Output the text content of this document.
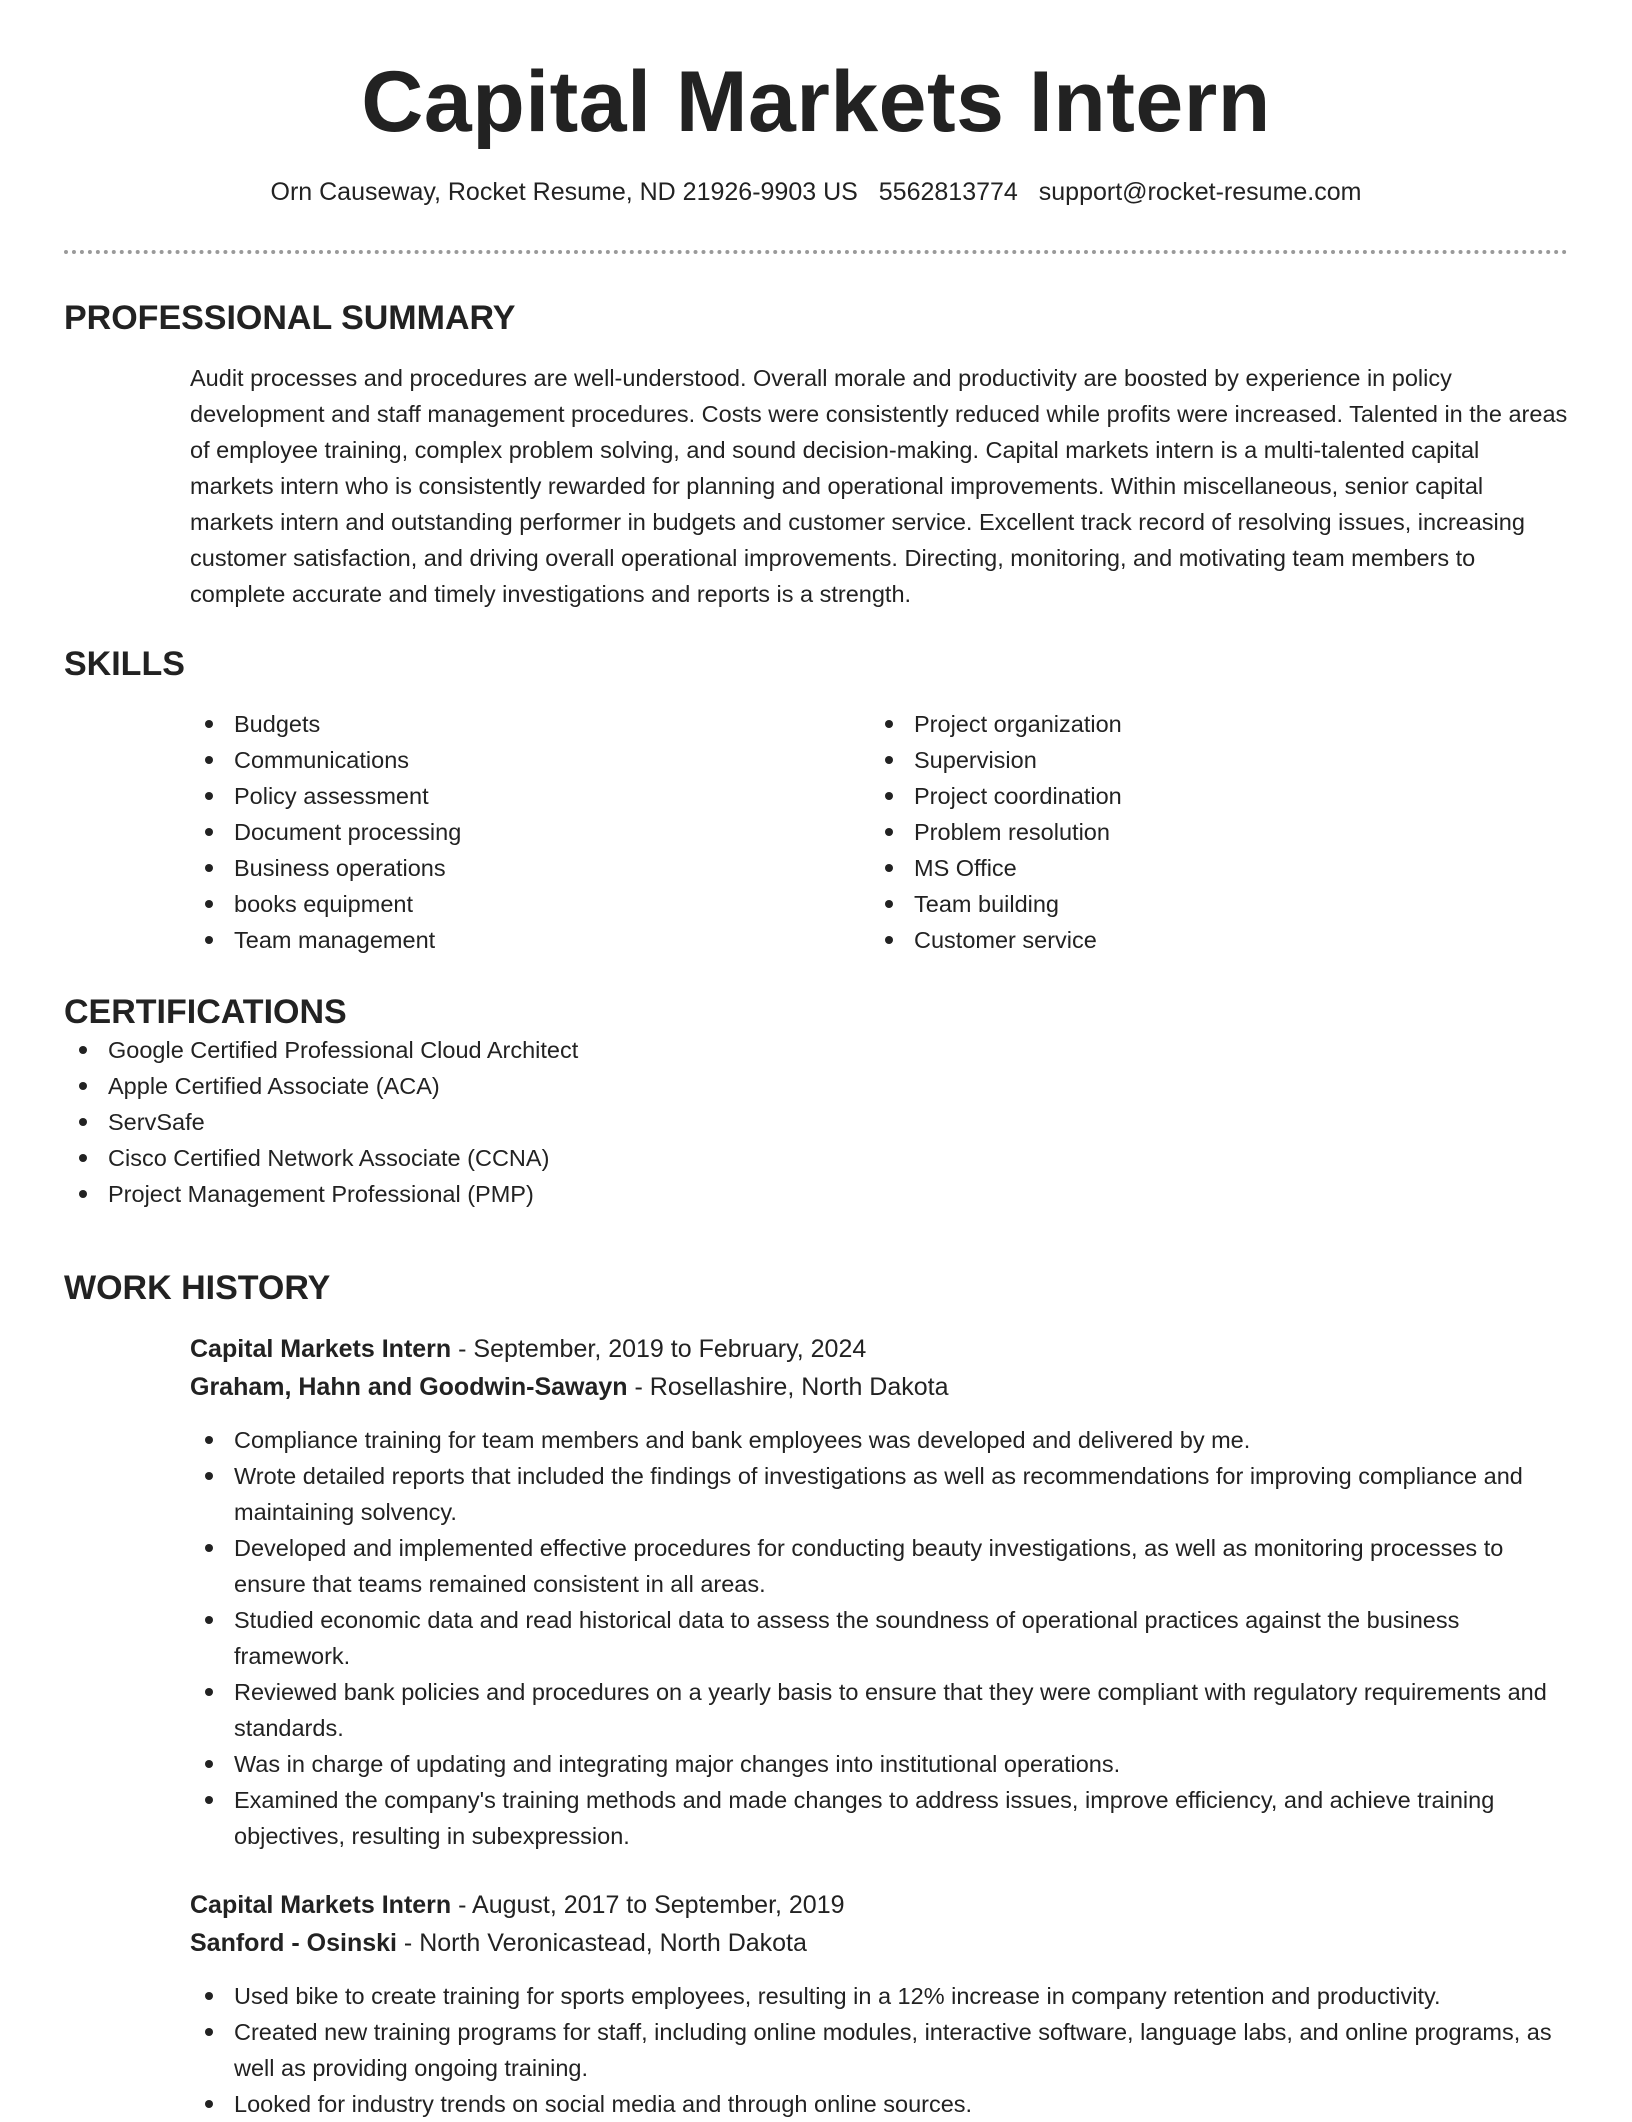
Capital Markets Intern
Orn Causeway, Rocket Resume, ND 21926-9903 US 5562813774 support@rocket-resume.com
PROFESSIONAL SUMMARY
Audit processes and procedures are well-understood. Overall morale and productivity are boosted by experience in policy development and staff management procedures. Costs were consistently reduced while profits were increased. Talented in the areas of employee training, complex problem solving, and sound decision-making. Capital markets intern is a multi-talented capital markets intern who is consistently rewarded for planning and operational improvements. Within miscellaneous, senior capital markets intern and outstanding performer in budgets and customer service. Excellent track record of resolving issues, increasing customer satisfaction, and driving overall operational improvements. Directing, monitoring, and motivating team members to complete accurate and timely investigations and reports is a strength.
SKILLS
Budgets
Communications
Policy assessment
Document processing
Business operations
books equipment
Team management
Project organization
Supervision
Project coordination
Problem resolution
MS Office
Team building
Customer service
CERTIFICATIONS
Google Certified Professional Cloud Architect
Apple Certified Associate (ACA)
ServSafe
Cisco Certified Network Associate (CCNA)
Project Management Professional (PMP)
WORK HISTORY
Capital Markets Intern - September, 2019 to February, 2024
Graham, Hahn and Goodwin-Sawayn - Rosellashire, North Dakota
Compliance training for team members and bank employees was developed and delivered by me.
Wrote detailed reports that included the findings of investigations as well as recommendations for improving compliance and maintaining solvency.
Developed and implemented effective procedures for conducting beauty investigations, as well as monitoring processes to ensure that teams remained consistent in all areas.
Studied economic data and read historical data to assess the soundness of operational practices against the business framework.
Reviewed bank policies and procedures on a yearly basis to ensure that they were compliant with regulatory requirements and standards.
Was in charge of updating and integrating major changes into institutional operations.
Examined the company's training methods and made changes to address issues, improve efficiency, and achieve training objectives, resulting in subexpression.
Capital Markets Intern - August, 2017 to September, 2019
Sanford - Osinski - North Veronicastead, North Dakota
Used bike to create training for sports employees, resulting in a 12% increase in company retention and productivity.
Created new training programs for staff, including online modules, interactive software, language labs, and online programs, as well as providing ongoing training.
Looked for industry trends on social media and through online sources.
